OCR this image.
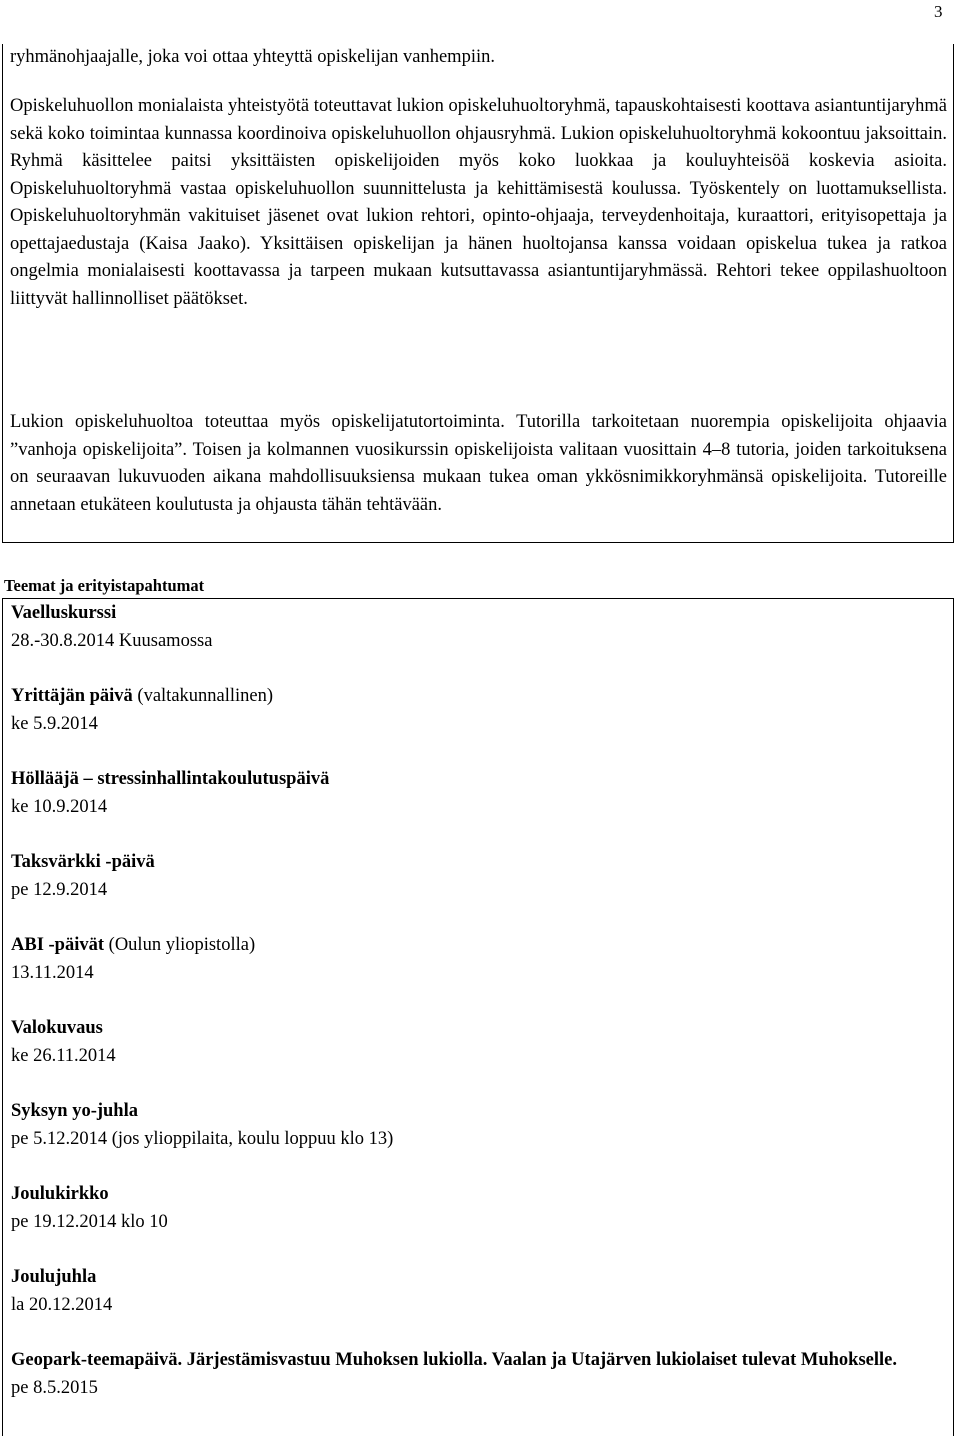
3

ryhmänohjaajalle, joka voi ottaa yhteyttä opiskelijan vanhempiin.

Opiskeluhuollon monialaista yhteistyötä toteuttavat lukion opiskeluhuoltoryhmä, tapauskohtaisesti koottava asiantuntijaryhmä sekä koko toimintaa kunnassa koordinoiva opiskeluhuollon ohjausryhmä. Lukion opiskeluhuoltoryhmä kokoontuu jaksoittain. Ryhmä käsittelee paitsi yksittäisten opiskelijoiden myös koko luokkaa ja kouluyhteisöä koskevia asioita. Opiskeluhuoltoryhmä vastaa opiskeluhuollon suunnittelusta ja kehittämisestä koulussa. Työskentely on luottamuksellista. Opiskeluhuoltoryhmän vakituiset jäsenet ovat lukion rehtori, opinto-ohjaaja, terveydenhoitaja, kuraattori, erityisopettaja ja opettajaedustaja (Kaisa Jaako). Yksittäisen opiskelijan ja hänen huoltojansa kanssa voidaan opiskelua tukea ja ratkoa ongelmia monialaisesti koottavassa ja tarpeen mukaan kutsuttavassa asiantuntijaryhmässä. Rehtori tekee oppilashuoltoon liittyvät hallinnolliset päätökset.

Lukion opiskeluhuoltoa toteuttaa myös opiskelijatutortoiminta. Tutorilla tarkoitetaan nuorempia opiskelijoita ohjaavia ”vanhoja opiskelijoita”. Toisen ja kolmannen vuosikurssin opiskelijoista valitaan vuosittain 4–8 tutoria, joiden tarkoituksena on seuraavan lukuvuoden aikana mahdollisuuksiensa mukaan tukea oman ykkösnimikkoryhmänsä opiskelijoita. Tutoreille annetaan etukäteen koulutusta ja ohjausta tähän tehtävään.

Teemat ja erityistapahtumat

Vaelluskurssi

28.-30.8.2014 Kuusamossa

Yrittäjän päivä (valtakunnallinen)

ke 5.9.2014

Höllääjä – stressinhallintakoulutuspäivä

ke 10.9.2014

Taksvärkki -päivä

pe 12.9.2014

ABI -päivät (Oulun yliopistolla)

13.11.2014

Valokuvaus

ke 26.11.2014

Syksyn yo-juhla

pe 5.12.2014 (jos ylioppilaita, koulu loppuu klo 13)

Joulukirkko

pe 19.12.2014 klo 10

Joulujuhla

la 20.12.2014

Geopark-teemapäivä. Järjestämisvastuu Muhoksen lukiolla. Vaalan ja Utajärven lukiolaiset tulevat Muhokselle.

pe 8.5.2015
